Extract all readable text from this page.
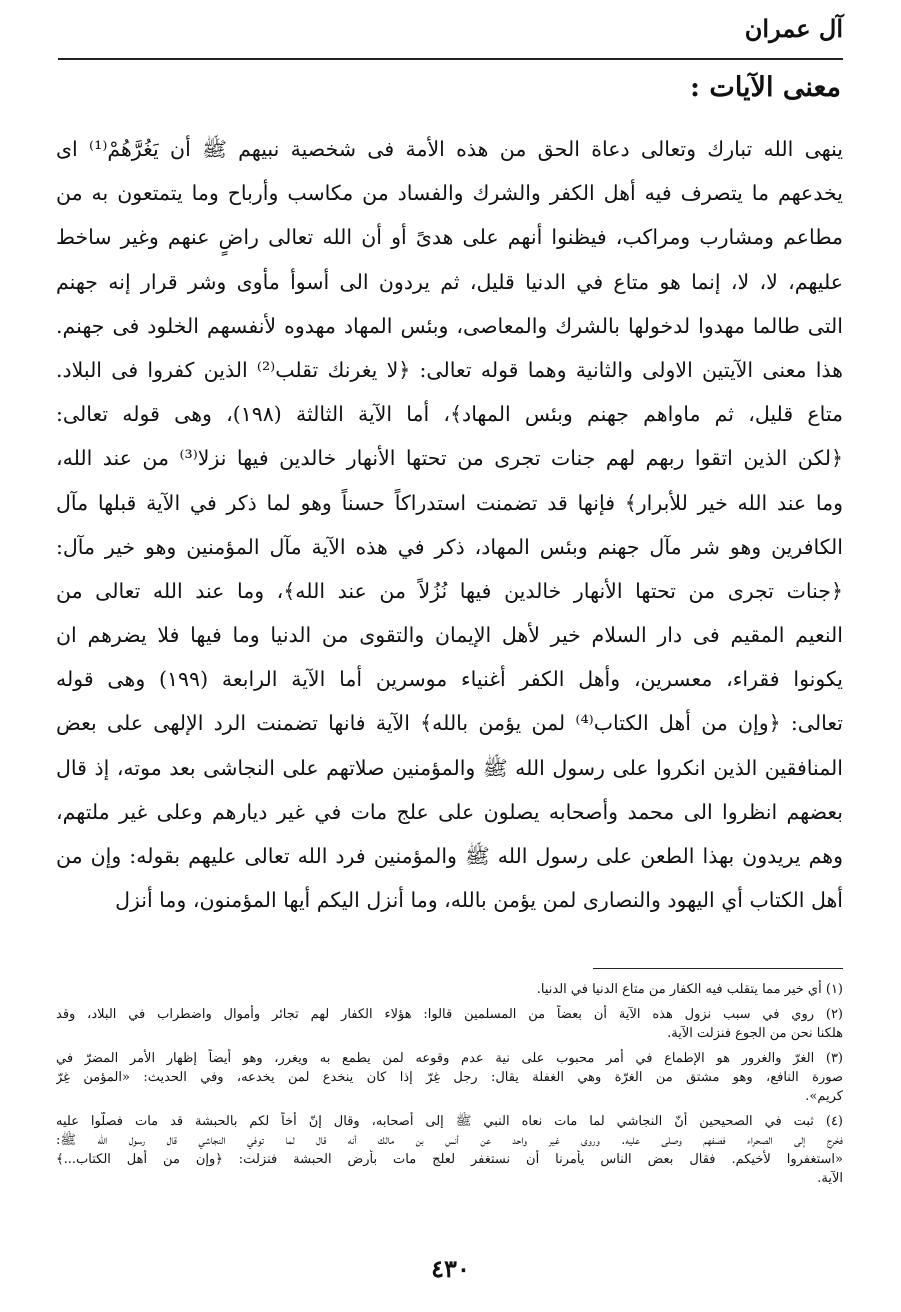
آل عمران
معنى الآيات :
ينهى الله تبارك وتعالى دعاة الحق من هذه الأمة فى شخصية نبيهم ﷺ أن يَغُرَّهُمْ⁽¹⁾ اى
يخدعهم ما يتصرف فيه أهل الكفر والشرك والفساد من مكاسب وأرباح وما يتمتعون به من
مطاعم ومشارب ومراكب، فيظنوا أنهم على هدىً أو أن الله تعالى راضٍ عنهم وغير ساخط
عليهم، لا، لا، إنما هو متاع في الدنيا قليل، ثم يردون الى أسوأ مأوى وشر قرار إنه جهنم
التى طالما مهدوا لدخولها بالشرك والمعاصى، وبئس المهاد مهدوه لأنفسهم الخلود فى جهنم.
هذا معنى الآيتين الاولى والثانية وهما قوله تعالى: ﴿لا يغرنك تقلب⁽²⁾ الذين كفروا فى البلاد.
متاع قليل، ثم ماواهم جهنم وبئس المهاد﴾، أما الآية الثالثة (١٩٨)، وهى قوله تعالى:
﴿لكن الذين اتقوا ربهم لهم جنات تجرى من تحتها الأنهار خالدين فيها نزلا⁽³⁾ من عند الله،
وما عند الله خير للأبرار﴾ فإنها قد تضمنت استدراكاً حسناً وهو لما ذكر في الآية قبلها مآل
الكافرين وهو شر مآل جهنم وبئس المهاد، ذكر في هذه الآية مآل المؤمنين وهو خير مآل:
﴿جنات تجرى من تحتها الأنهار خالدين فيها نُزُلاً من عند الله﴾، وما عند الله تعالى من
النعيم المقيم فى دار السلام خير لأهل الإيمان والتقوى من الدنيا وما فيها فلا يضرهم ان
يكونوا فقراء، معسرين، وأهل الكفر أغنياء موسرين أما الآية الرابعة (١٩٩) وهى قوله
تعالى: ﴿وإن من أهل الكتاب⁽⁴⁾ لمن يؤمن بالله﴾ الآية فانها تضمنت الرد الإلهى على بعض
المنافقين الذين انكروا على رسول الله ﷺ والمؤمنين صلاتهم على النجاشى بعد موته، إذ قال
بعضهم انظروا الى محمد وأصحابه يصلون على علج مات في غير ديارهم وعلى غير ملتهم،
وهم يريدون بهذا الطعن على رسول الله ﷺ والمؤمنين فرد الله تعالى عليهم بقوله: وإن من
أهل الكتاب أي اليهود والنصارى لمن يؤمن بالله، وما أنزل اليكم أيها المؤمنون، وما أنزل
(١) أي خير مما يتقلب فيه الكفار من متاع الدنيا في الدنيا.
(٢) روي في سبب نزول هذه الآية أن بعضاً من المسلمين قالوا: هؤلاء الكفار لهم تجائر وأموال واضطراب في البلاد، وقد
هلكنا نحن من الجوع فنزلت الآية.
(٣) الغرّ والغرور هو الإطماع في أمر محبوب على نية عدم وقوعه لمن يطمع به ويغرر، وهو أيضاً إظهار الأمر المضرّ في
صورة النافع، وهو مشتق من الغرّة وهي الغفلة يقال: رجل غِرّ إذا كان ينخدع لمن يخدعه، وفي الحديث: «المؤمن غِرّ
كريم».
(٤) ثبت في الصحيحين أنّ النجاشي لما مات نعاه النبي ﷺ إلى أصحابه، وقال إنّ أخاً لكم بالحبشة قد مات فصلّوا عليه
فخرج إلى الصحراء فصفهم وصلى عليه. وروى غير واحد عن أنس بن مالك أنه قال لما توفي النجاشي قال رسول الله ﷺ:
«استغفروا لأخيكم. فقال بعض الناس يأمرنا أن نستغفر لعلج مات بأرض الحبشة فنزلت: ﴿وإن من أهل الكتاب...﴾
الآية.
٤٣٠
